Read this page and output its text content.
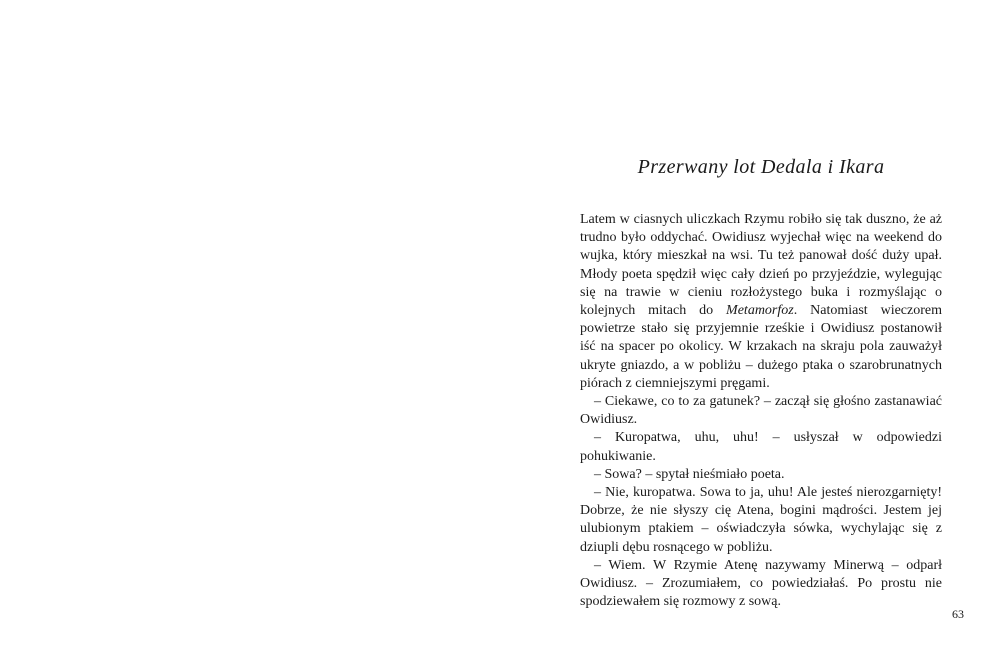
Przerwany lot Dedala i Ikara

Latem w ciasnych uliczkach Rzymu robiło się tak duszno, że aż trudno było oddychać. Owidiusz wyjechał więc na weekend do wujka, który mieszkał na wsi. Tu też panował dość duży upał. Młody poeta spędził więc cały dzień po przyjeździe, wylegując się na trawie w cieniu rozłożystego buka i rozmyślając o kolejnych mitach do Metamorfoz. Natomiast wieczorem powietrze stało się przyjemnie rześkie i Owidiusz postanowił iść na spacer po okolicy. W krzakach na skraju pola zauważył ukryte gniazdo, a w pobliżu – dużego ptaka o szarobrunatnych piórach z ciemniejszymi pręgami.

– Ciekawe, co to za gatunek? – zaczął się głośno zastanawiać Owidiusz.

– Kuropatwa, uhu, uhu! – usłyszał w odpowiedzi pohukiwanie.

– Sowa? – spytał nieśmiało poeta.

– Nie, kuropatwa. Sowa to ja, uhu! Ale jesteś nierozgarnięty! Dobrze, że nie słyszy cię Atena, bogini mądrości. Jestem jej ulubionym ptakiem – oświadczyła sówka, wychylając się z dziupli dębu rosnącego w pobliżu.

– Wiem. W Rzymie Atenę nazywamy Minerwą – odparł Owidiusz. – Zrozumiałem, co powiedziałaś. Po prostu nie spodziewałem się rozmowy z sową.

63
